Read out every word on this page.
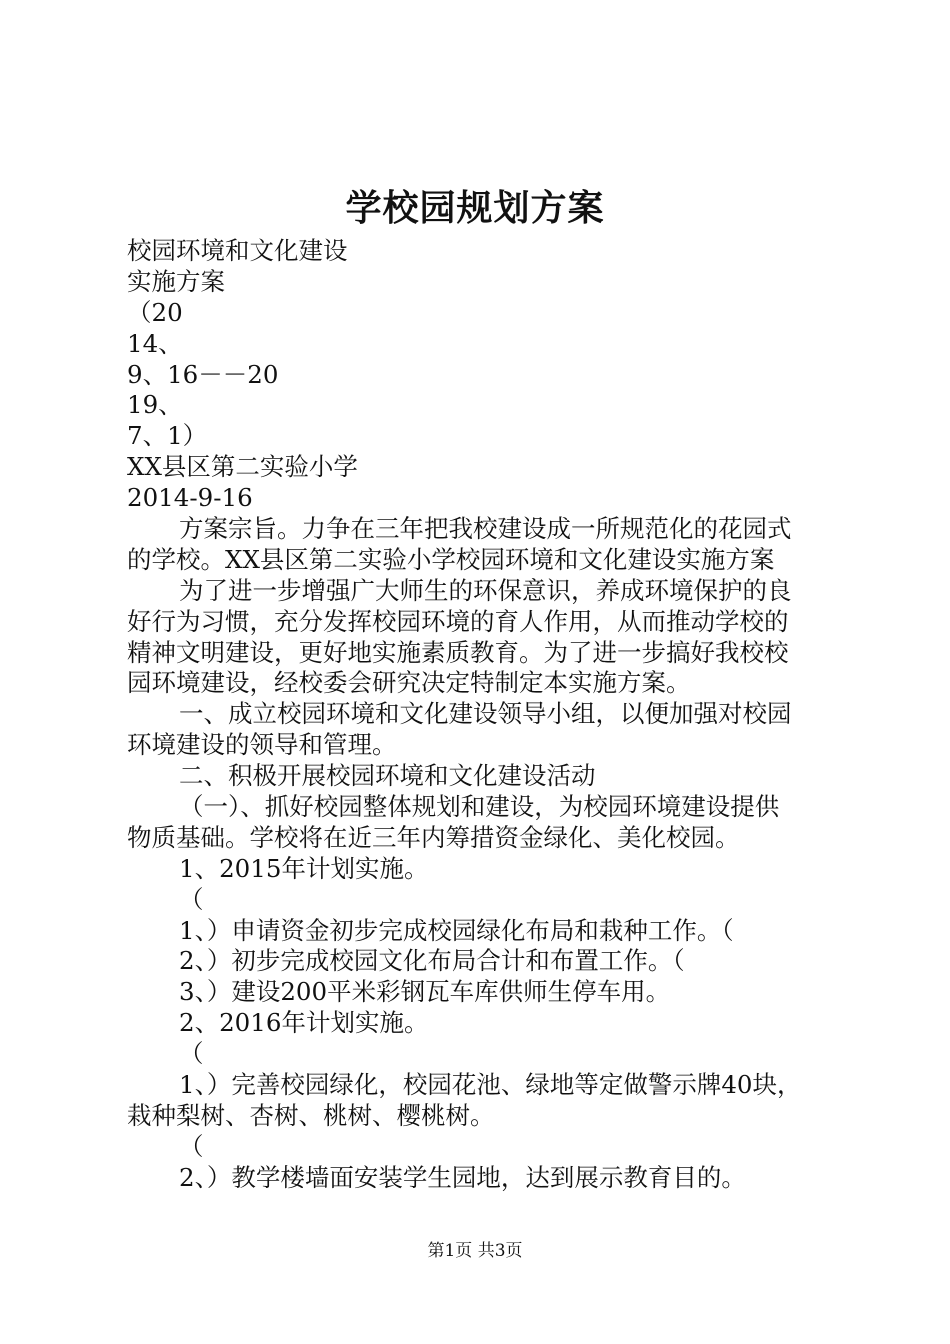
学校园规划方案
校园环境和文化建设
实施方案
（20
14、
9、16－－20
19、
7、1）
XX县区第二实验小学
2014-9-16
方案宗旨。力争在三年把我校建设成一所规范化的花园式
的学校。XX县区第二实验小学校园环境和文化建设实施方案
为了进一步增强广大师生的环保意识，养成环境保护的良
好行为习惯，充分发挥校园环境的育人作用，从而推动学校的
精神文明建设，更好地实施素质教育。为了进一步搞好我校校
园环境建设，经校委会研究决定特制定本实施方案。
一、成立校园环境和文化建设领导小组，以便加强对校园
环境建设的领导和管理。
二、积极开展校园环境和文化建设活动
（一）、抓好校园整体规划和建设，为校园环境建设提供
物质基础。学校将在近三年内筹措资金绿化、美化校园。
1、2015年计划实施。
（
1、）申请资金初步完成校园绿化布局和栽种工作。（
2、）初步完成校园文化布局合计和布置工作。（
3、）建设200平米彩钢瓦车库供师生停车用。
2、2016年计划实施。
（
1、）完善校园绿化，校园花池、绿地等定做警示牌40块，
栽种梨树、杏树、桃树、樱桃树。
（
2、）教学楼墙面安装学生园地，达到展示教育目的。
第1页 共3页
